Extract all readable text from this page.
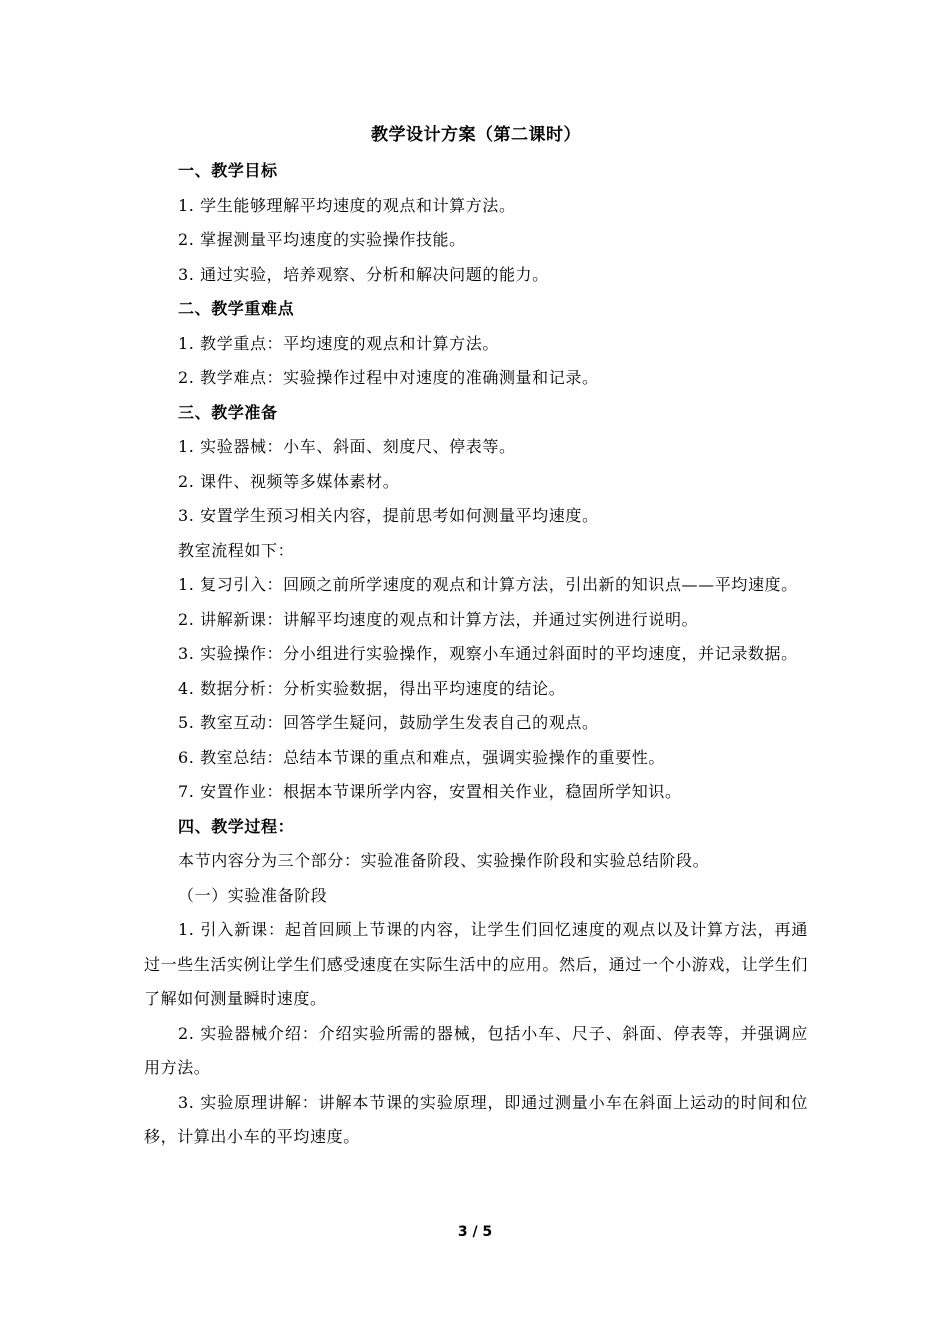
教学设计方案（第二课时）

一、教学目标

1. 学生能够理解平均速度的观点和计算方法。

2. 掌握测量平均速度的实验操作技能。

3. 通过实验，培养观察、分析和解决问题的能力。

二、教学重难点

1. 教学重点：平均速度的观点和计算方法。

2. 教学难点：实验操作过程中对速度的准确测量和记录。

三、教学准备

1. 实验器械：小车、斜面、刻度尺、停表等。

2. 课件、视频等多媒体素材。

3. 安置学生预习相关内容，提前思考如何测量平均速度。

教室流程如下：

1. 复习引入：回顾之前所学速度的观点和计算方法，引出新的知识点——平均速度。

2. 讲解新课：讲解平均速度的观点和计算方法，并通过实例进行说明。

3. 实验操作：分小组进行实验操作，观察小车通过斜面时的平均速度，并记录数据。

4. 数据分析：分析实验数据，得出平均速度的结论。

5. 教室互动：回答学生疑问，鼓励学生发表自己的观点。

6. 教室总结：总结本节课的重点和难点，强调实验操作的重要性。

7. 安置作业：根据本节课所学内容，安置相关作业，稳固所学知识。

四、教学过程：

本节内容分为三个部分：实验准备阶段、实验操作阶段和实验总结阶段。

（一）实验准备阶段

1. 引入新课：起首回顾上节课的内容，让学生们回忆速度的观点以及计算方法，再通过一些生活实例让学生们感受速度在实际生活中的应用。然后，通过一个小游戏，让学生们了解如何测量瞬时速度。

2. 实验器械介绍：介绍实验所需的器械，包括小车、尺子、斜面、停表等，并强调应用方法。

3. 实验原理讲解：讲解本节课的实验原理，即通过测量小车在斜面上运动的时间和位移，计算出小车的平均速度。

3 / 5
